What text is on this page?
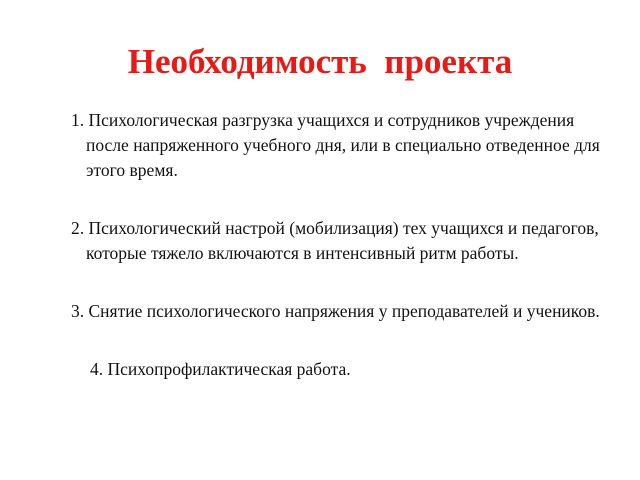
Необходимость  проекта

1. Психологическая разгрузка учащихся и сотрудников учреждения после напряженного учебного дня, или в специально отведенное для этого время.

2. Психологический настрой (мобилизация) тех учащихся и педагогов, которые тяжело включаются в интенсивный ритм работы.

3. Снятие психологического напряжения у преподавателей и учеников.

4. Психопрофилактическая работа.
